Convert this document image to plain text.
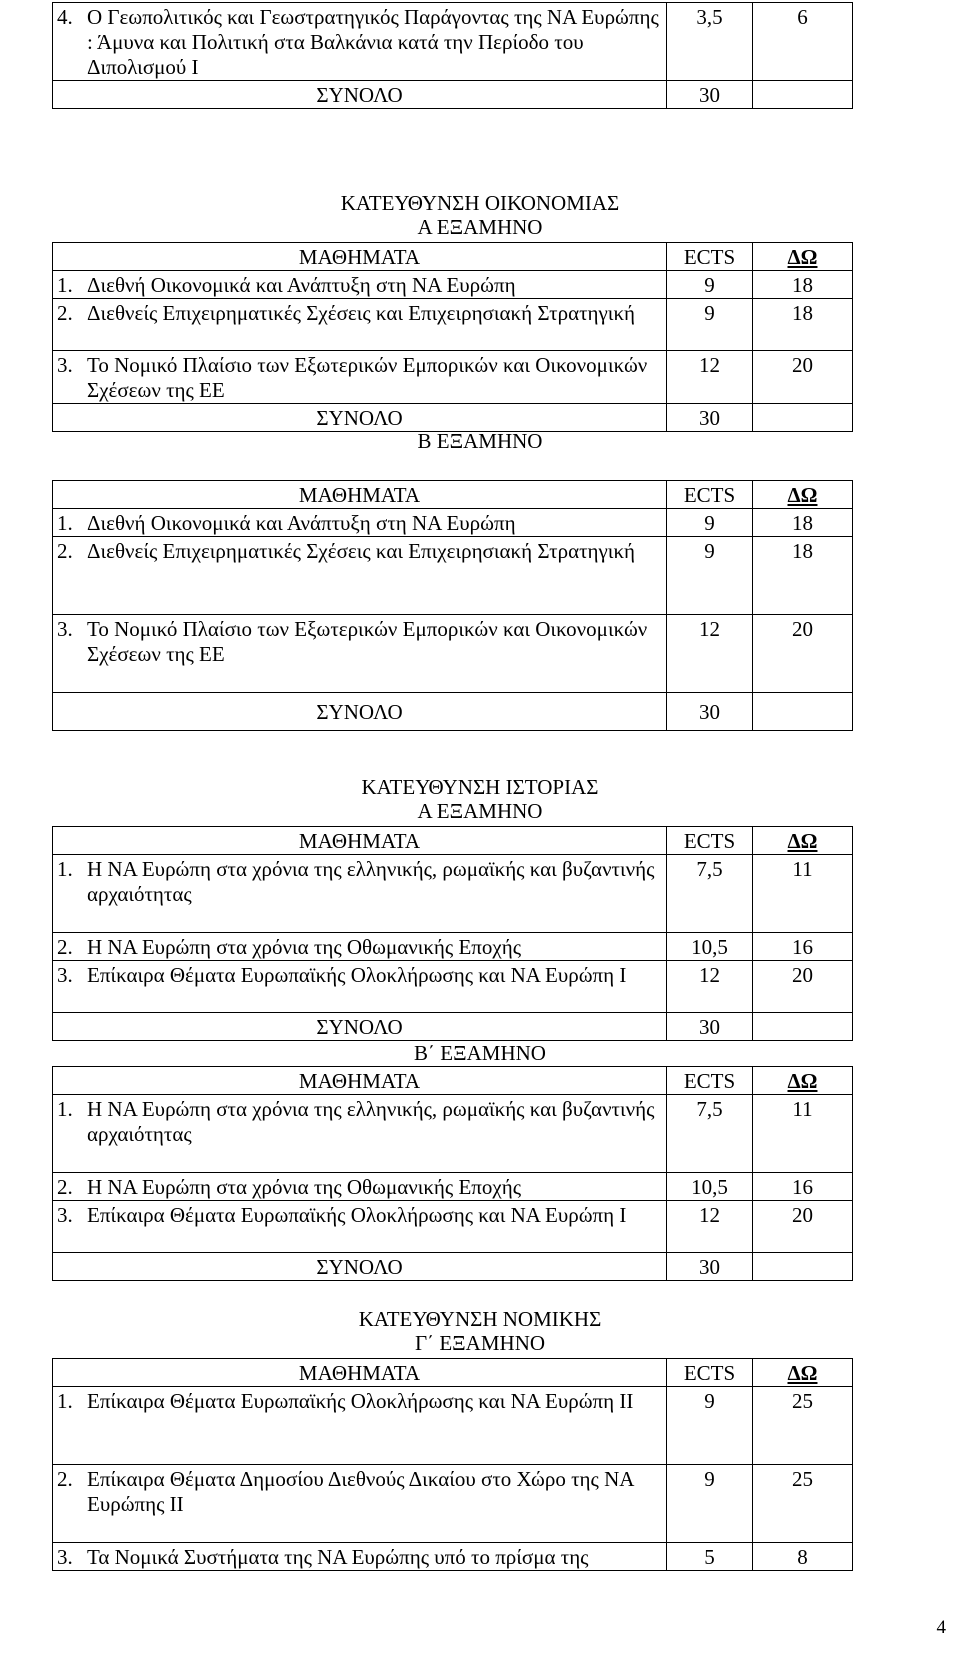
4. Ο Γεωπολιτικός και Γεωστρατηγικός Παράγοντας της ΝΑ Ευρώπης : Άμυνα και Πολιτική στα Βαλκάνια κατά την Περίοδο του Διπολισμού Ι	3,5	6
ΣΥΝΟΛΟ	30	
ΚΑΤΕΥΘΥΝΣΗ ΟΙΚΟΝΟΜΙΑΣ
Α ΕΞΑΜΗΝΟ
ΜΑΘΗΜΑΤΑ	ECTS	ΔΩ

1. Διεθνή Οικονομικά και Ανάπτυξη στη ΝΑ Ευρώπη	9	18

2. Διεθνείς Επιχειρηματικές Σχέσεις και Επιχειρησιακή Στρατηγική	9	18

3. Το Νομικό Πλαίσιο των Εξωτερικών Εμπορικών και Οικονομικών Σχέσεων της ΕΕ	12	20
ΣΥΝΟΛΟ	30	
Β ΕΞΑΜΗΝΟ
ΜΑΘΗΜΑΤΑ	ECTS	ΔΩ

1. Διεθνή Οικονομικά και Ανάπτυξη στη ΝΑ Ευρώπη	9	18

2. Διεθνείς Επιχειρηματικές Σχέσεις και Επιχειρησιακή Στρατηγική	9	18

3. Το Νομικό Πλαίσιο των Εξωτερικών Εμπορικών και Οικονομικών Σχέσεων της ΕΕ	12	20
ΣΥΝΟΛΟ	30	
ΚΑΤΕΥΘΥΝΣΗ ΙΣΤΟΡΙΑΣ
Α ΕΞΑΜΗΝΟ
ΜΑΘΗΜΑΤΑ	ECTS	ΔΩ

1. Η ΝΑ Ευρώπη στα χρόνια της ελληνικής, ρωμαϊκής και βυζαντινής αρχαιότητας	7,5	11

2. Η ΝΑ Ευρώπη στα χρόνια της Οθωμανικής Εποχής	10,5	16

3. Επίκαιρα Θέματα Ευρωπαϊκής Ολοκλήρωσης και ΝΑ Ευρώπη Ι	12	20
ΣΥΝΟΛΟ	30	
Β΄ ΕΞΑΜΗΝΟ
ΜΑΘΗΜΑΤΑ	ECTS	ΔΩ

1. Η ΝΑ Ευρώπη στα χρόνια της ελληνικής, ρωμαϊκής και βυζαντινής αρχαιότητας	7,5	11

2. Η ΝΑ Ευρώπη στα χρόνια της Οθωμανικής Εποχής	10,5	16

3. Επίκαιρα Θέματα Ευρωπαϊκής Ολοκλήρωσης και ΝΑ Ευρώπη Ι	12	20
ΣΥΝΟΛΟ	30	
ΚΑΤΕΥΘΥΝΣΗ ΝΟΜΙΚΗΣ
Γ΄ ΕΞΑΜΗΝΟ
ΜΑΘΗΜΑΤΑ	ECTS	ΔΩ

1. Επίκαιρα Θέματα Ευρωπαϊκής Ολοκλήρωσης και ΝΑ Ευρώπη ΙΙ	9	25

2. Επίκαιρα Θέματα Δημοσίου Διεθνούς Δικαίου στο Χώρο της ΝΑ Ευρώπης ΙΙ	9	25

3. Τα Νομικά Συστήματα της ΝΑ Ευρώπης υπό το πρίσμα της	5	8
4
